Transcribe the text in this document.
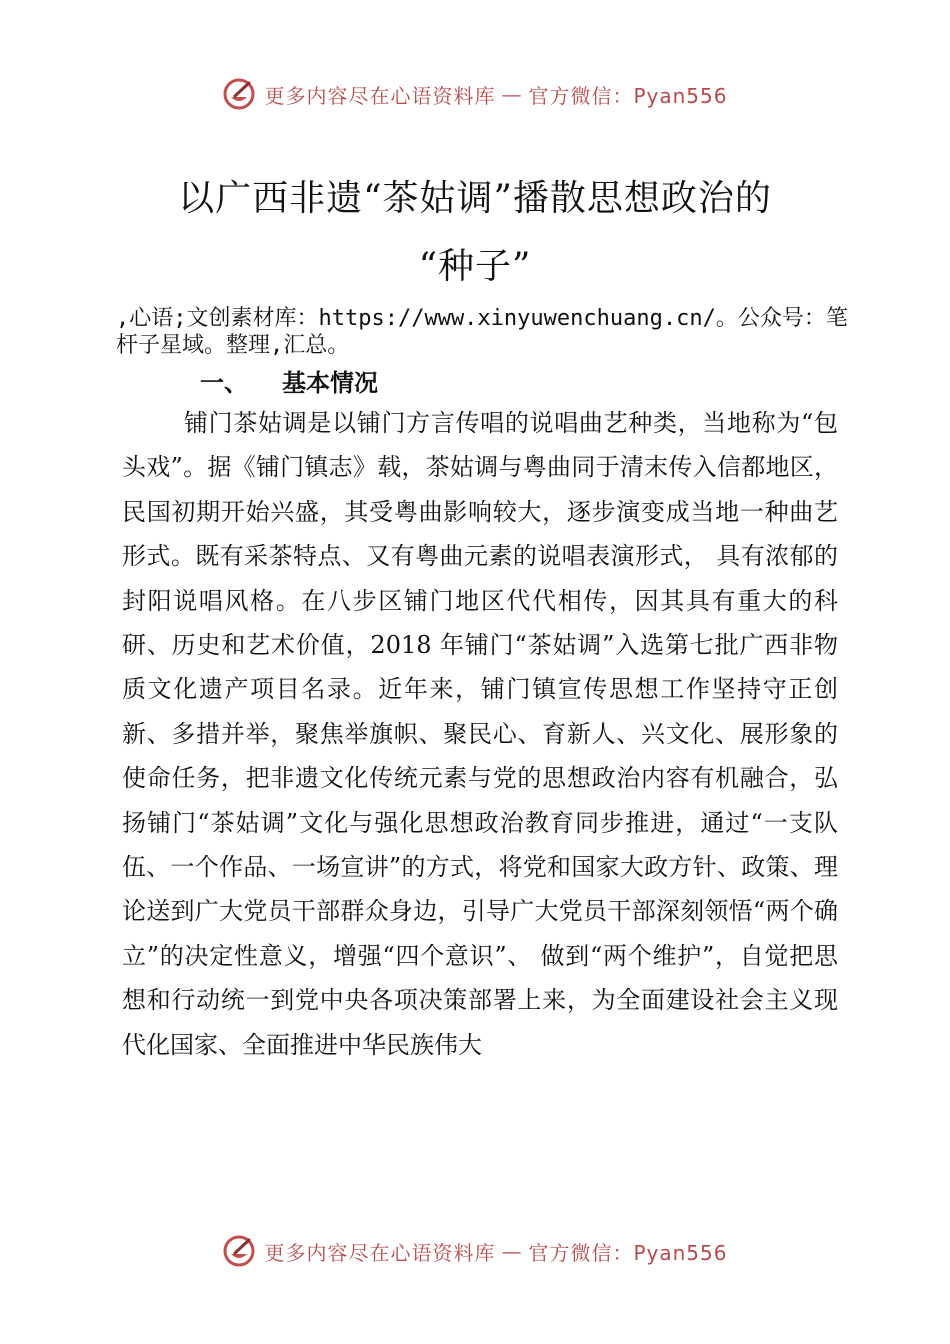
更多内容尽在心语资料库 — 官方微信：Pyan556
以广西非遗“茶姑调”播散思想政治的
“种子”

,心语;文创素材库：https://www.xinyuwenchuang.cn/。公众号：笔杆子星域。整理,汇总。

一、 基本情况

铺门茶姑调是以铺门方言传唱的说唱曲艺种类，当地称为“包头戏”。据《铺门镇志》载，茶姑调与粤曲同于清末传入信都地区，民国初期开始兴盛，其受粤曲影响较大，逐步演变成当地一种曲艺形式。既有采茶特点、又有粤曲元素的说唱表演形式， 具有浓郁的封阳说唱风格。在八步区铺门地区代代相传，因其具有重大的科研、历史和艺术价值，2018 年铺门“茶姑调”入选第七批广西非物质文化遗产项目名录。近年来，铺门镇宣传思想工作坚持守正创新、多措并举，聚焦举旗帜、聚民心、育新人、兴文化、展形象的使命任务，把非遗文化传统元素与党的思想政治内容有机融合，弘扬铺门“茶姑调”文化与强化思想政治教育同步推进，通过“一支队伍、一个作品、一场宣讲”的方式，将党和国家大政方针、政策、理论送到广大党员干部群众身边，引导广大党员干部深刻领悟“两个确立”的决定性意义，增强“四个意识”、 做到“两个维护”，自觉把思想和行动统一到党中央各项决策部署上来，为全面建设社会主义现代化国家、全面推进中华民族伟大

更多内容尽在心语资料库 — 官方微信：Pyan556
